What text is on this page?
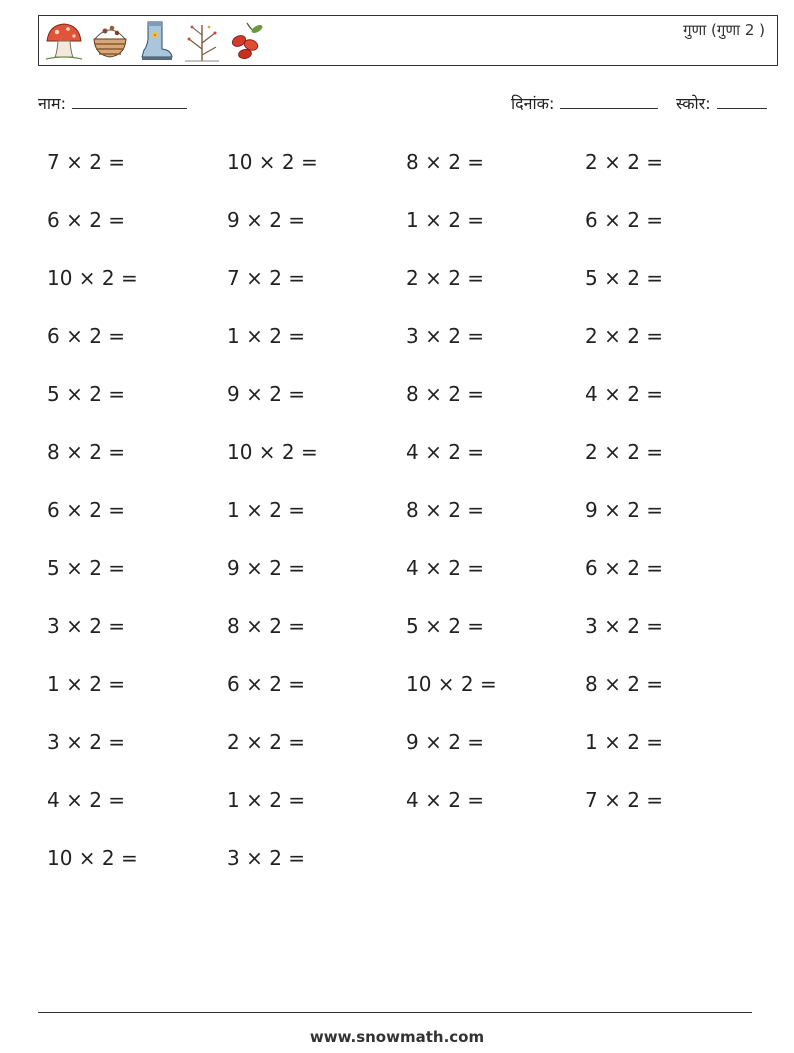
गुणा (गुणा 2 )
नाम:	दिनांक:	स्कोर:
7 × 2 =	10 × 2 =	8 × 2 =	2 × 2 =
6 × 2 =	9 × 2 =	1 × 2 =	6 × 2 =
10 × 2 =	7 × 2 =	2 × 2 =	5 × 2 =
6 × 2 =	1 × 2 =	3 × 2 =	2 × 2 =
5 × 2 =	9 × 2 =	8 × 2 =	4 × 2 =
8 × 2 =	10 × 2 =	4 × 2 =	2 × 2 =
6 × 2 =	1 × 2 =	8 × 2 =	9 × 2 =
5 × 2 =	9 × 2 =	4 × 2 =	6 × 2 =
3 × 2 =	8 × 2 =	5 × 2 =	3 × 2 =
1 × 2 =	6 × 2 =	10 × 2 =	8 × 2 =
3 × 2 =	2 × 2 =	9 × 2 =	1 × 2 =
4 × 2 =	1 × 2 =	4 × 2 =	7 × 2 =
10 × 2 =	3 × 2 =
www.snowmath.com
